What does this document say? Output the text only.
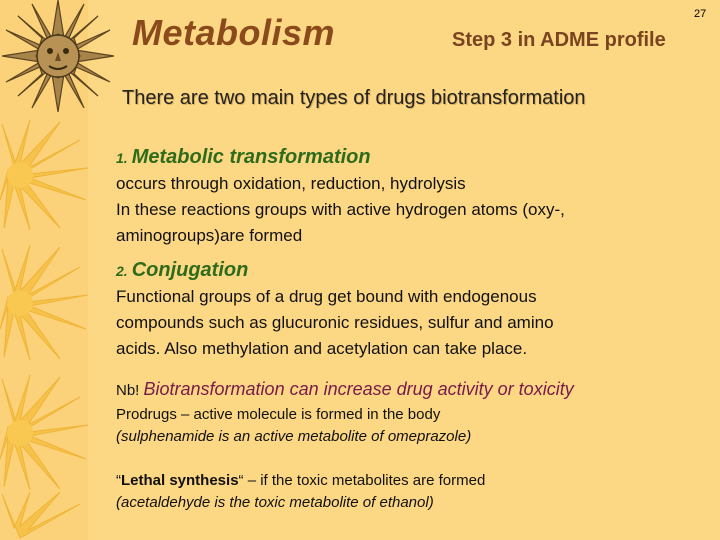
Metabolism	Step 3 in ADME profile
27
There are two main types of drugs biotransformation
1. Metabolic transformation
occurs through oxidation, reduction, hydrolysis
In these reactions groups with active hydrogen atoms (oxy-,
aminogroups)are formed
2. Conjugation
Functional groups of a drug get bound with endogenous
compounds such as glucuronic residues, sulfur and amino
acids. Also methylation and acetylation can take place.
Nb! Biotransformation can increase drug activity or toxicity
Prodrugs – active molecule is formed in the body
(sulphenamide is an active metabolite of omeprazole)
“Lethal synthesis“ – if the toxic metabolites are formed
(acetaldehyde is the toxic metabolite of ethanol)
